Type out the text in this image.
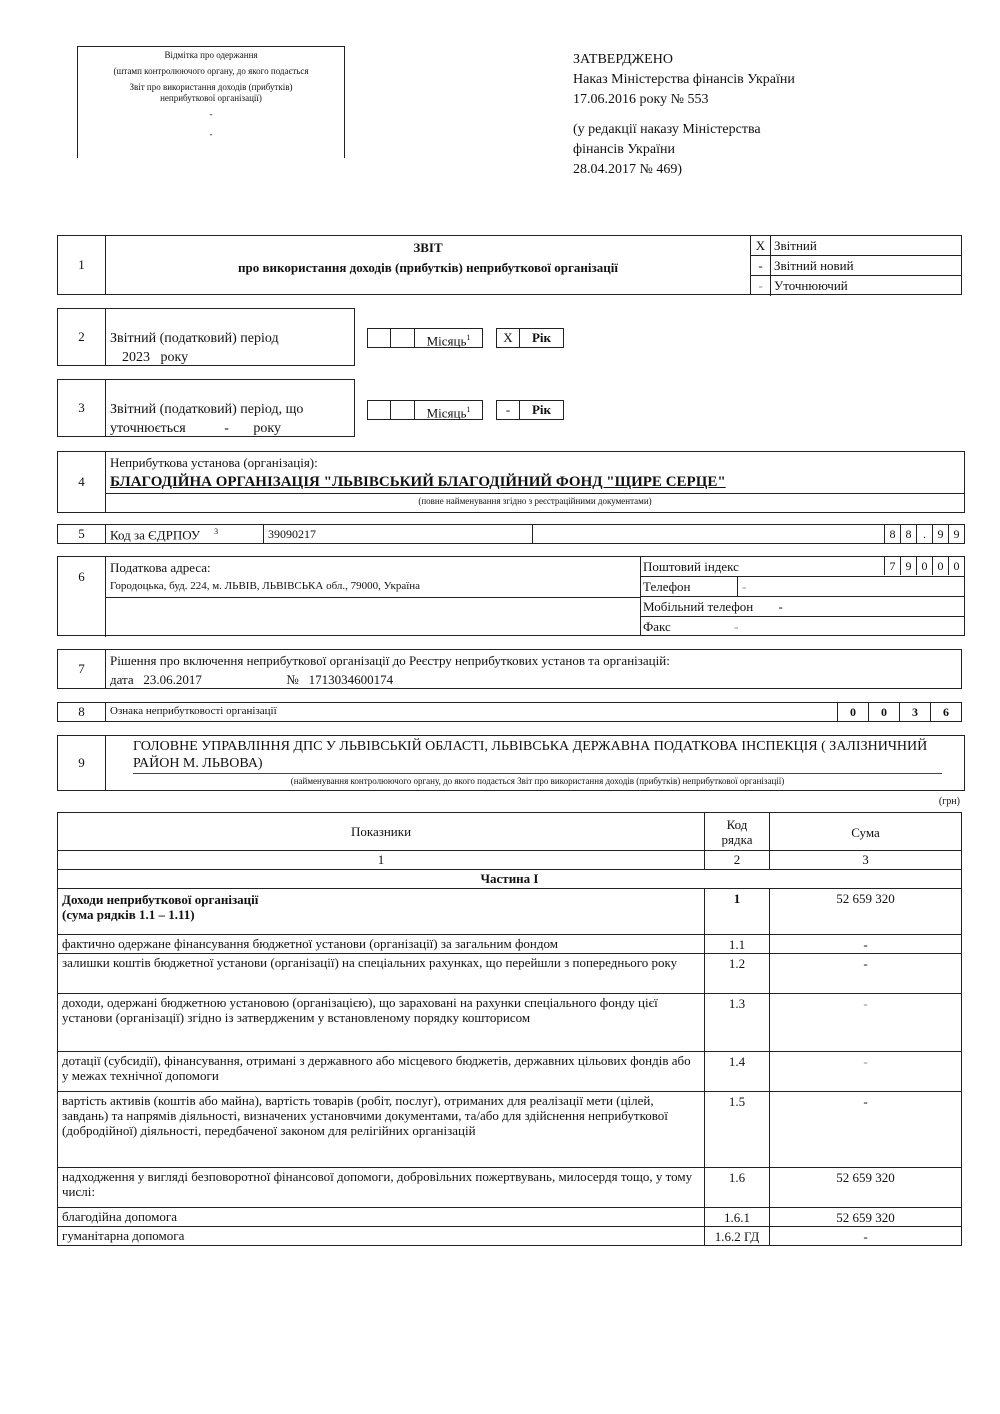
Відмітка про одержання
(штамп контролюючого органу, до якого подається
Звіт про використання доходів (прибутків)
неприбуткової організації)
-
-
ЗАТВЕРДЖЕНО
Наказ Міністерства фінансів України
17.06.2016 року № 553
(у редакції наказу Міністерства
фінансів України
28.04.2017 № 469)
1
ЗВІТ
про використання доходів (прибутків) неприбуткової організації
X Звітний
- Звітний новий
- Уточнюючий
2	Звітний (податковий) період
2023 року
Місяць$^1$	X	Рік
3	Звітний (податковий) період, що
уточнюється	- року
Місяць$^1$	-	Рік
4
Неприбуткова установа (організація):
БЛАГОДІЙНА ОРГАНІЗАЦІЯ "ЛЬВІВСЬКИЙ БЛАГОДІЙНИЙ ФОНД "ЩИРЕ СЕРЦЕ"
(повне найменування згідно з реєстраційними документами)
5	Код за ЄДРПОУ $^3$	39090217	8 8 . 9 9
6
Податкова адреса:
Городоцька, буд. 224, м. ЛЬВІВ, ЛЬВІВСЬКА обл., 79000, Україна
Поштовий індекс	7 9 0 0 0
Телефон	-
Мобільний телефон -
Факс	-
7
Рішення про включення неприбуткової організації до Реєстру неприбуткових установ та організацій:
дата 23.06.2017	№ 1713034600174
8	Ознака неприбутковості організації	0	0	3	6
9
ГОЛОВНЕ УПРАВЛІННЯ ДПС У ЛЬВІВСЬКІЙ ОБЛАСТІ, ЛЬВІВСЬКА ДЕРЖАВНА ПОДАТКОВА ІНСПЕКЦІЯ ( ЗАЛІЗНИЧНИЙ РАЙОН М. ЛЬВОВА)
(найменування контролюючого органу, до якого подається Звіт про використання доходів (прибутків) неприбуткової організації)
(грн)
Показники	Код рядка	Сума
1	2	3
Частина I		

Доходи неприбуткової організації
(сума рядків 1.1 – 1.11)	1	52 659 320
фактично одержане фінансування бюджетної установи (організації) за загальним фондом	1.1	-
залишки коштів бюджетної установи (організації) на спеціальних рахунках, що перейшли з попереднього року	1.2	-
доходи, одержані бюджетною установою (організацією), що зараховані на рахунки спеціального фонду цієї установи (організації) згідно із затвердженим у встановленому порядку кошторисом	1.3	-
дотації (субсидії), фінансування, отримані з державного або місцевого бюджетів, державних цільових фондів або у межах технічної допомоги	1.4	-
вартість активів (коштів або майна), вартість товарів (робіт, послуг), отриманих для реалізації мети (цілей, завдань) та напрямів діяльності, визначених установчими документами, та/або для здійснення неприбуткової (добродійної) діяльності, передбаченої законом для релігійних організацій	1.5	-
надходження у вигляді безповоротної фінансової допомоги, добровільних пожертвувань, милосердя тощо, у тому числі:	1.6	52 659 320
благодійна допомога	1.6.1	52 659 320
гуманітарна допомога	1.6.2 ГД	-
